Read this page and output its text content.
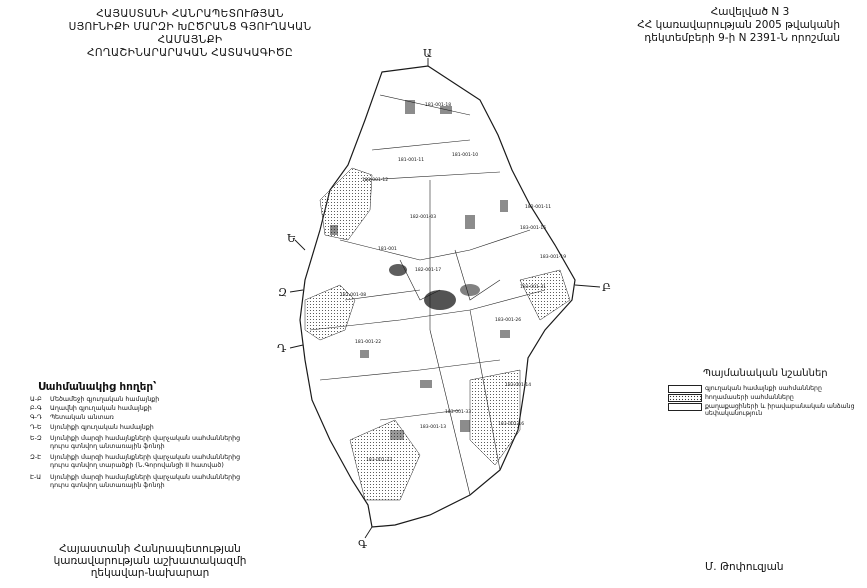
ՀԱՅԱՍՏԱՆԻ ՀԱՆՐԱՊԵՏՈՒԹՅԱՆ
ՍՅՈՒՆԻՔԻ ՄԱՐԶԻ ԽԸԾՐԱՆՑ ԳՅՈՒՂԱԿԱՆ ՀԱՄԱՅՆՔԻ
ՀՈՂԱՇԻՆԱՐԱՐԱԿԱՆ ՀԱՏԱԿԱԳԻԾԸ
Հավելված N 3
ՀՀ կառավարության 2005 թվականի
դեկտեմբերի 9-ի N 2391-Ն որոշման
Ա
Բ
Գ
Դ
Ե
Զ
181-001-18
181-001-11
181-001-10
181-001-12
182-001-03
182-001-11
183-001-15
181-001
182-001-17
183-001-19
181-001-08
183-001-31
183-001-26
183-001-14
183-001-16
183-001-33
183-001-13
181-001-22
183-001-23
Սահմանակից հողեր՝
Ա-Բ	Մեծամեջի գյուղական համայնքի
Բ-Գ	Աղավնի գյուղական համայնքի
Գ-Դ	Պետական անտառ
Դ-Ե	Սյունիքի գյուղական համայնքի
Ե-Զ	Սյունիքի մարզի համայնքների վարչական սահմաններից դուրս գտնվող անտառային ֆոնդի
Զ-Է	Սյունիքի մարզի համայնքների վարչական սահմաններից դուրս գտնվող տարածքի (Ն.Գորովանցի II հատված)
Է-Ա	Սյունիքի մարզի համայնքների վարչական սահմաններից դուրս գտնվող անտառային ֆոնդի
Պայմանական նշաններ
գյուղական համայնքի սահմանները
հողամասերի սահմանները
քաղաքացիների և իրավաբանական անձանց սեփականություն
Հայաստանի Հանրապետության
կառավարության աշխատակազմի
ղեկավար-նախարար	Մ. Թոփուզյան
